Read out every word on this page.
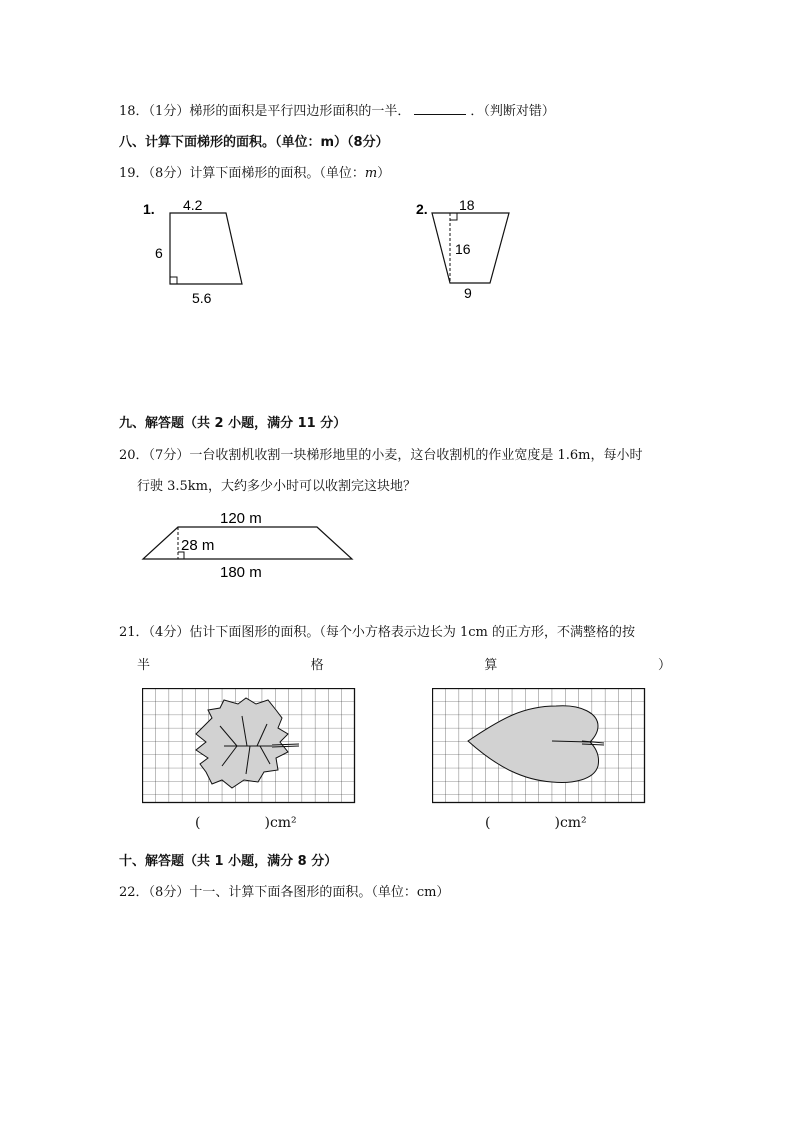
18．（1分）梯形的面积是平行四边形面积的一半．	．（判断对错）
八、计算下面梯形的面积。（单位：m）（8分）
19．（8分）计算下面梯形的面积。（单位：m）
1. 4.2
6
5.6
2. 18
16
9
九、解答题（共 2 小题，满分 11 分）
20．（7分）一台收割机收割一块梯形地里的小麦，这台收割机的作业宽度是 1.6m，每小时
行驶 3.5km，大约多少小时可以收割完这块地？
120 m
28 m
180 m
21．（4分）估计下面图形的面积。（每个小方格表示边长为 1cm 的正方形，不满整格的按
半	格	算	）
(	)cm²	(	)cm²
十、解答题（共 1 小题，满分 8 分）
22．（8分）十一、计算下面各图形的面积。（单位：cm）
